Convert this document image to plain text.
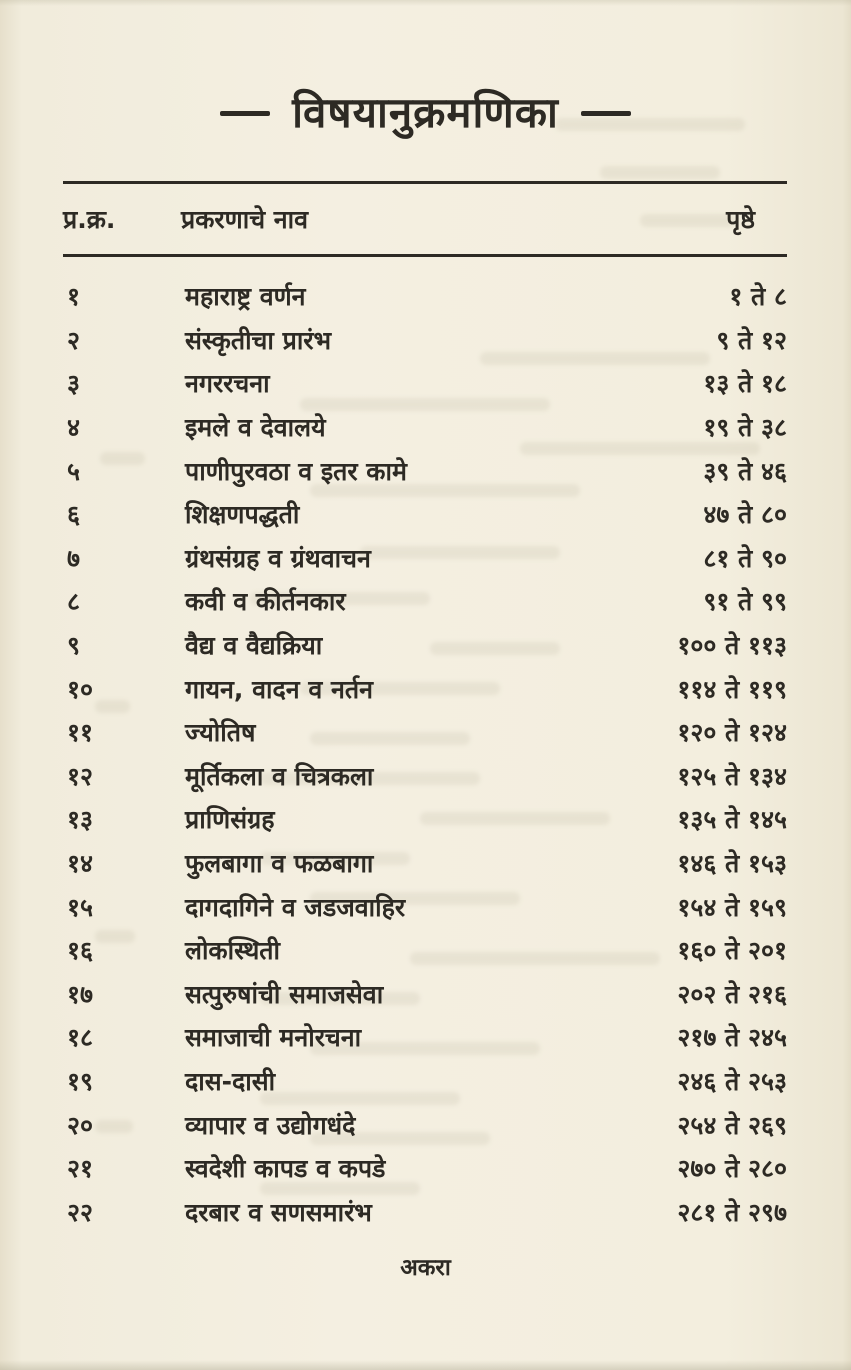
विषयानुक्रमणिका
प्र.क्र.	प्रकरणाचे नाव	पृष्ठे
१	महाराष्ट्र वर्णन	१ ते ८
२	संस्कृतीचा प्रारंभ	९ ते १२
३	नगररचना	१३ ते १८
४	इमले व देवालये	१९ ते ३८
५	पाणीपुरवठा व इतर कामे	३९ ते ४६
६	शिक्षणपद्धती	४७ ते ८०
७	ग्रंथसंग्रह व ग्रंथवाचन	८१ ते ९०
८	कवी व कीर्तनकार	९१ ते ९९
९	वैद्य व वैद्यक्रिया	१०० ते ११३
१०	गायन, वादन व नर्तन	११४ ते ११९
११	ज्योतिष	१२० ते १२४
१२	मूर्तिकला व चित्रकला	१२५ ते १३४
१३	प्राणिसंग्रह	१३५ ते १४५
१४	फुलबागा व फळबागा	१४६ ते १५३
१५	दागदागिने व जडजवाहिर	१५४ ते १५९
१६	लोकस्थिती	१६० ते २०१
१७	सत्पुरुषांची समाजसेवा	२०२ ते २१६
१८	समाजाची मनोरचना	२१७ ते २४५
१९	दास-दासी	२४६ ते २५३
२०	व्यापार व उद्योगधंदे	२५४ ते २६९
२१	स्वदेशी कापड व कपडे	२७० ते २८०
२२	दरबार व सणसमारंभ	२८१ ते २९७
अकरा
